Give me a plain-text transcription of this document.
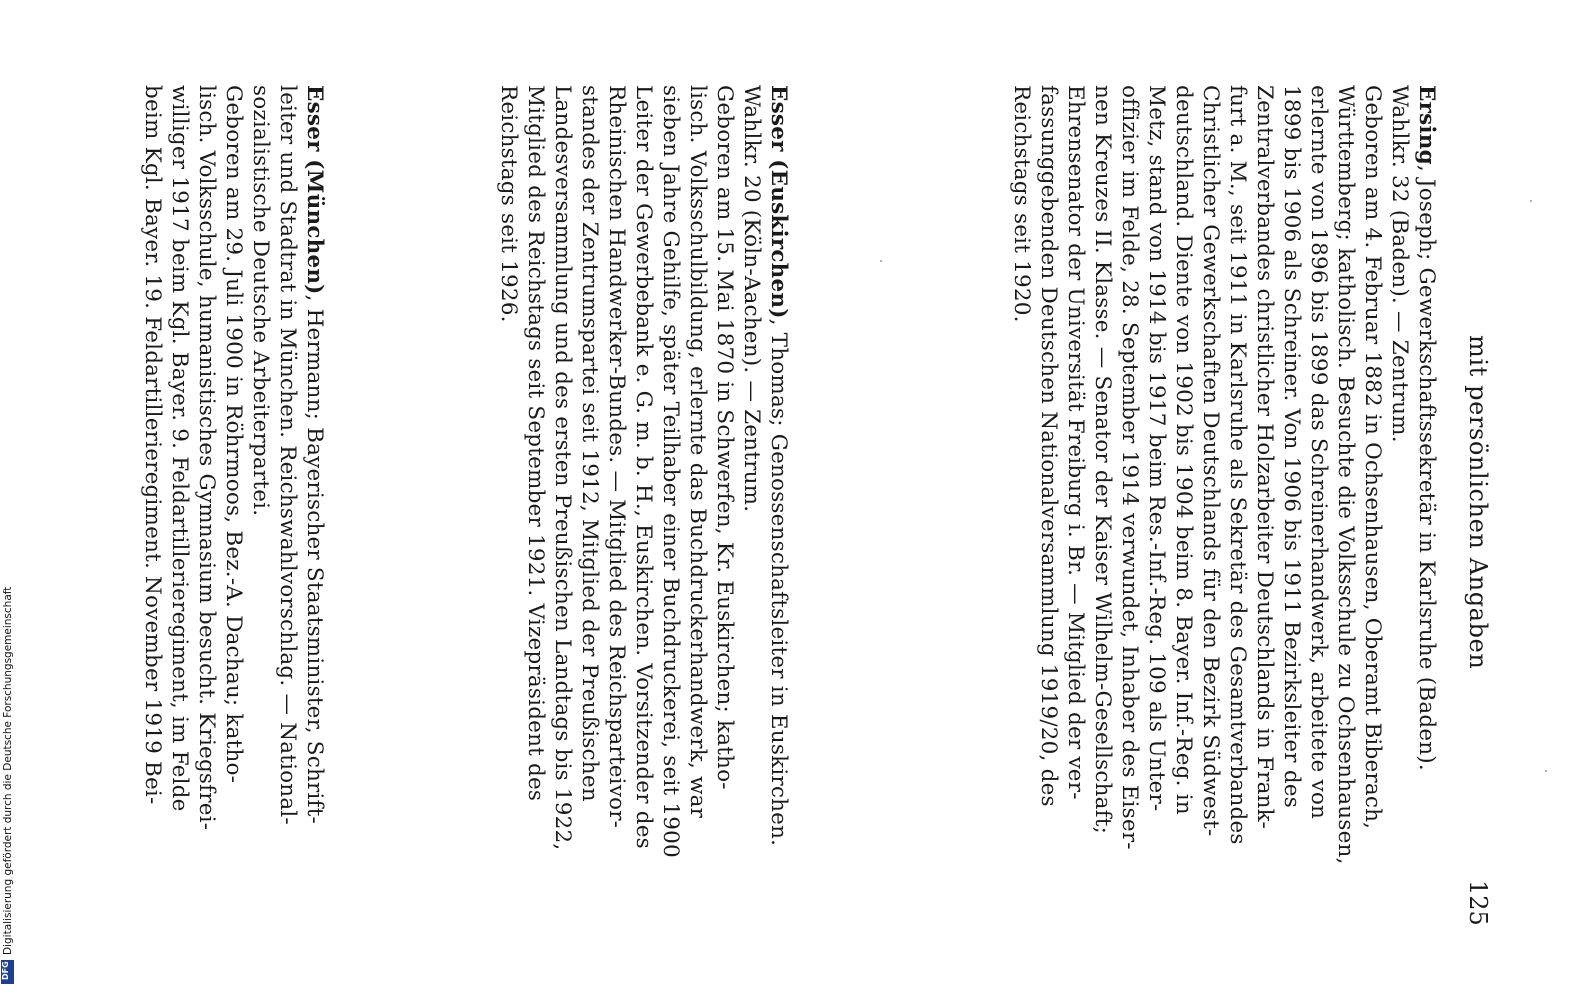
mit persönlichen Angaben
125
Ersing, Joseph; Gewerkschaftssekretär in Karlsruhe (Baden).
Wahlkr. 32 (Baden). — Zentrum.
Geboren am 4. Februar 1882 in Ochsenhausen, Oberamt Biberach,
Württemberg; katholisch. Besuchte die Volksschule zu Ochsenhausen,
erlernte von 1896 bis 1899 das Schreinerhandwerk, arbeitete von
1899 bis 1906 als Schreiner. Von 1906 bis 1911 Bezirksleiter des
Zentralverbandes christlicher Holzarbeiter Deutschlands in Frank-
furt a. M., seit 1911 in Karlsruhe als Sekretär des Gesamtverbandes
Christlicher Gewerkschaften Deutschlands für den Bezirk Südwest-
deutschland. Diente von 1902 bis 1904 beim 8. Bayer. Inf.-Reg. in
Metz, stand von 1914 bis 1917 beim Res.-Inf.-Reg. 109 als Unter-
offizier im Felde, 28. September 1914 verwundet, Inhaber des Eiser-
nen Kreuzes II. Klasse. — Senator der Kaiser Wilhelm-Gesellschaft;
Ehrensenator der Universität Freiburg i. Br. — Mitglied der ver-
fassunggebenden Deutschen Nationalversammlung 1919/20, des
Reichstags seit 1920.
Esser (Euskirchen), Thomas; Genossenschaftsleiter in Euskirchen.
Wahlkr. 20 (Köln-Aachen). — Zentrum.
Geboren am 15. Mai 1870 in Schwerfen, Kr. Euskirchen; katho-
lisch. Volksschulbildung, erlernte das Buchdruckerhandwerk, war
sieben Jahre Gehilfe, später Teilhaber einer Buchdruckerei, seit 1900
Leiter der Gewerbebank e. G. m. b. H., Euskirchen. Vorsitzender des
Rheinischen Handwerker-Bundes. — Mitglied des Reichsparteivor-
standes der Zentrumspartei seit 1912, Mitglied der Preußischen
Landesversammlung und des ersten Preußischen Landtags bis 1922,
Mitglied des Reichstags seit September 1921. Vizepräsident des
Reichstags seit 1926.
Esser (München), Hermann; Bayerischer Staatsminister, Schrift-
leiter und Stadtrat in München. Reichswahlvorschlag. — National-
sozialistische Deutsche Arbeiterpartei.
Geboren am 29. Juli 1900 in Röhrmoos, Bez.-A. Dachau; katho-
lisch. Volksschule, humanistisches Gymnasium besucht. Kriegsfrei-
williger 1917 beim Kgl. Bayer. 9. Feldartillerieregiment, im Felde
beim Kgl. Bayer. 19. Feldartillerieregiment. November 1919 Bei-
Digitalisierung gefördert durch die Deutsche Forschungsgemeinschaft
DFG
